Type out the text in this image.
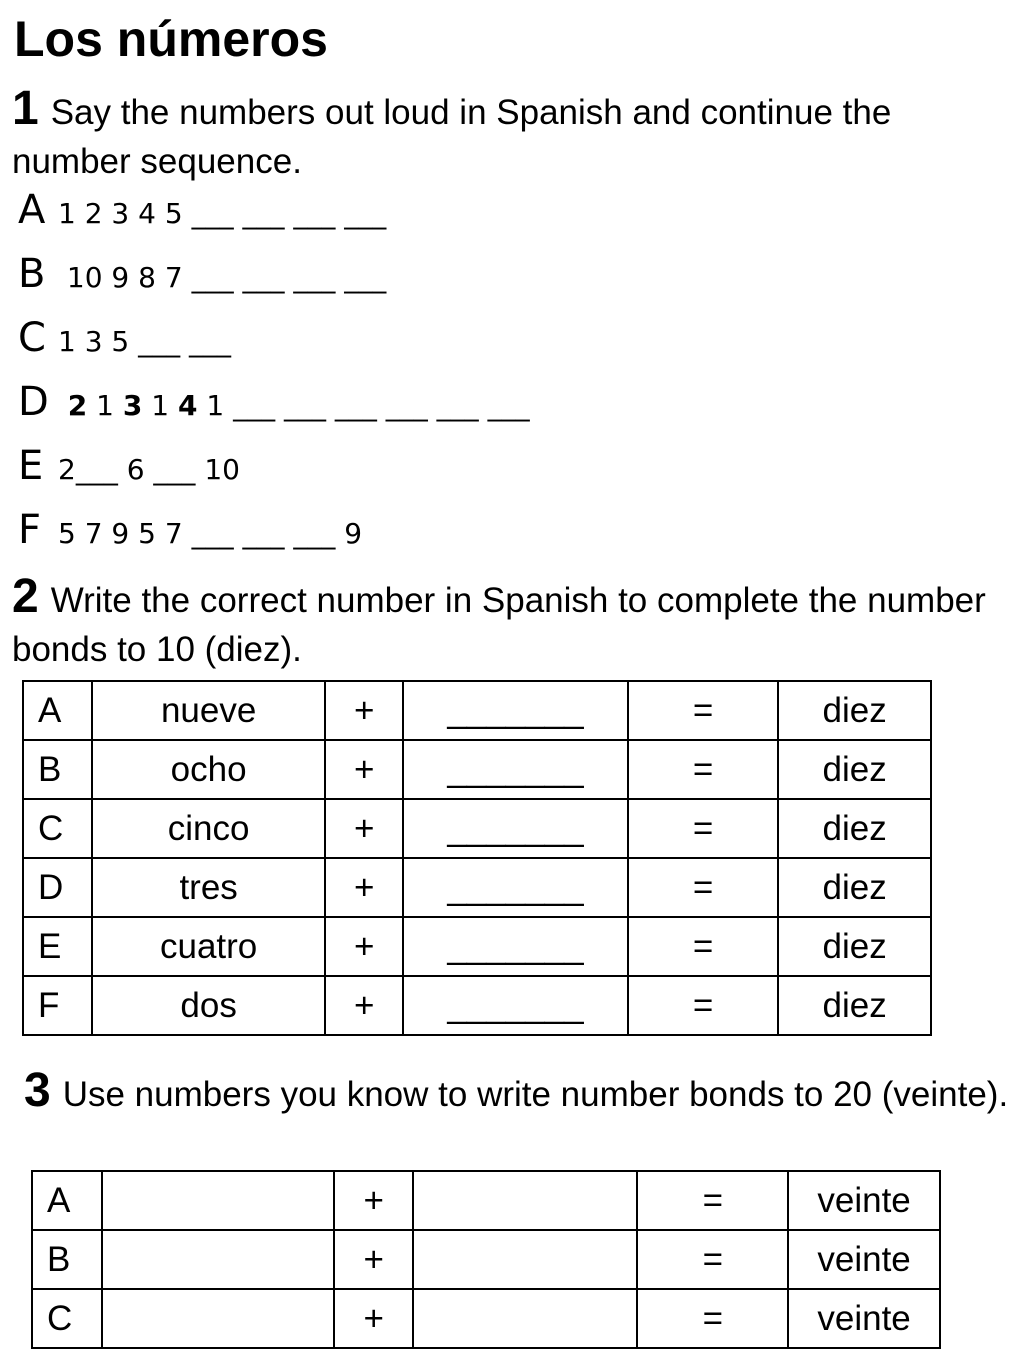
Los números
1 Say the numbers out loud in Spanish and continue the number sequence.
A 1 2 3 4 5 ___ ___ ___ ___
B 10 9 8 7 ___ ___ ___ ___
C 1 3 5 ___ ___
D 2 1 3 1 4 1 ___ ___ ___ ___ ___ ___
E 2___ 6 ___ 10
F 5 7 9 5 7 ___ ___ ___ 9
2 Write the correct number in Spanish to complete the number bonds to 10 (diez).
A	nueve	+	_______	=	diez
B	ocho	+	_______	=	diez
C	cinco	+	_______	=	diez
D	tres	+	_______	=	diez
E	cuatro	+	_______	=	diez
F	dos	+	_______	=	diez
3 Use numbers you know to write number bonds to 20 (veinte).
A		+		=	veinte
B		+		=	veinte
C		+		=	veinte
